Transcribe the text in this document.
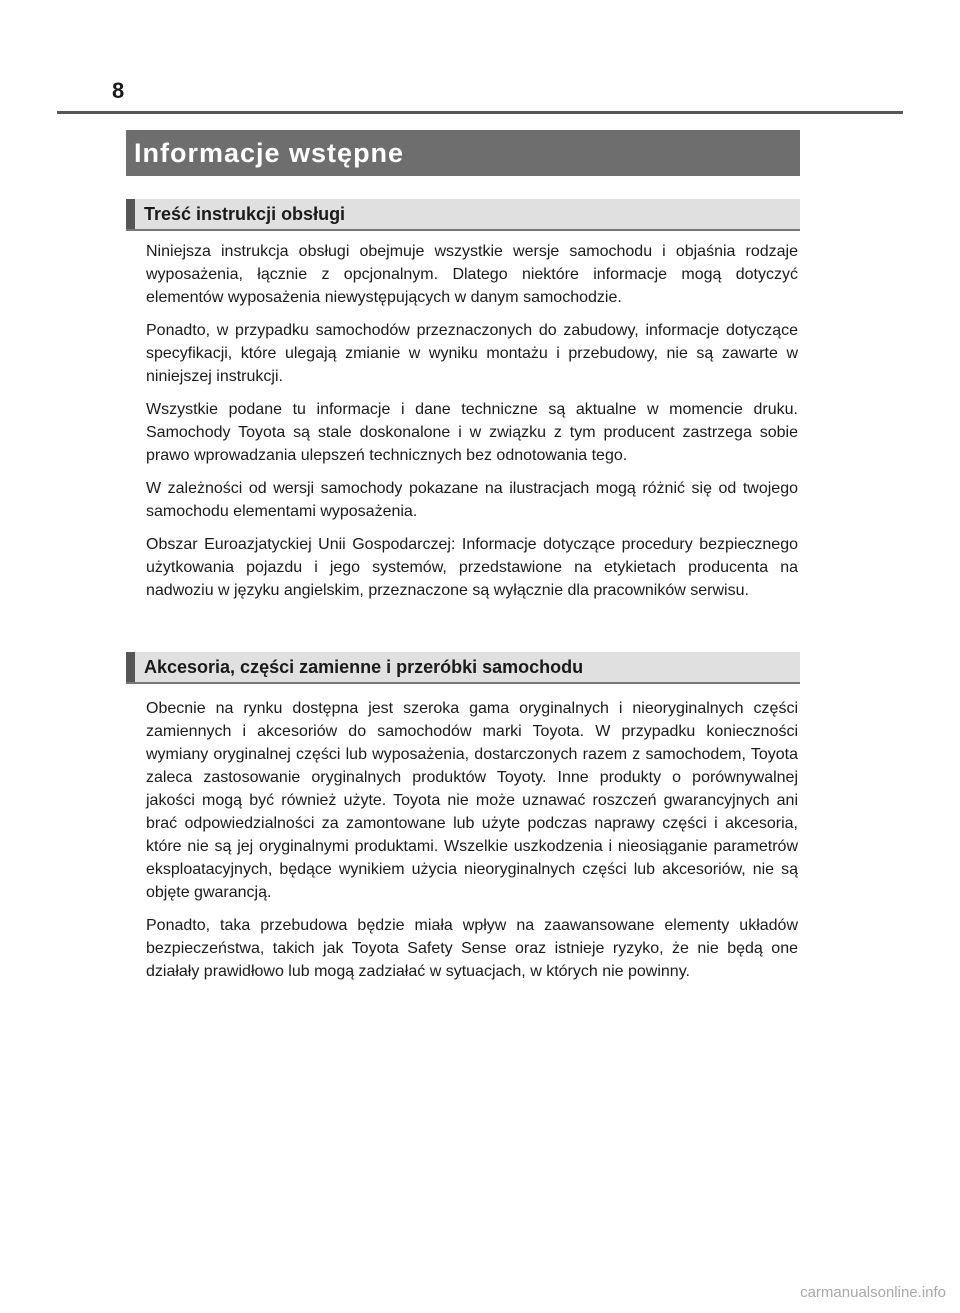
8
Informacje wstępne
Treść instrukcji obsługi

Niniejsza instrukcja obsługi obejmuje wszystkie wersje samochodu i objaśnia rodzaje wyposażenia, łącznie z opcjonalnym. Dlatego niektóre informacje mogą dotyczyć elementów wyposażenia niewystępujących w danym samochodzie.

Ponadto, w przypadku samochodów przeznaczonych do zabudowy, informacje dotyczące specyfikacji, które ulegają zmianie w wyniku montażu i przebudowy, nie są zawarte w niniejszej instrukcji.

Wszystkie podane tu informacje i dane techniczne są aktualne w momencie druku. Samochody Toyota są stale doskonalone i w związku z tym producent zastrzega sobie prawo wprowadzania ulepszeń technicznych bez odnotowania tego.

W zależności od wersji samochody pokazane na ilustracjach mogą różnić się od twojego samochodu elementami wyposażenia.

Obszar Euroazjatyckiej Unii Gospodarczej: Informacje dotyczące procedury bezpiecznego użytkowania pojazdu i jego systemów, przedstawione na etykietach producenta na nadwoziu w języku angielskim, przeznaczone są wyłącznie dla pracowników serwisu.

Akcesoria, części zamienne i przeróbki samochodu

Obecnie na rynku dostępna jest szeroka gama oryginalnych i nieoryginalnych części zamiennych i akcesoriów do samochodów marki Toyota. W przypadku konieczności wymiany oryginalnej części lub wyposażenia, dostarczonych razem z samochodem, Toyota zaleca zastosowanie oryginalnych produktów Toyoty. Inne produkty o porównywalnej jakości mogą być również użyte. Toyota nie może uznawać roszczeń gwarancyjnych ani brać odpowiedzialności za zamontowane lub użyte podczas naprawy części i akcesoria, które nie są jej oryginalnymi produktami. Wszelkie uszkodzenia i nieosiąganie parametrów eksploatacyjnych, będące wynikiem użycia nieoryginalnych części lub akcesoriów, nie są objęte gwarancją.

Ponadto, taka przebudowa będzie miała wpływ na zaawansowane elementy układów bezpieczeństwa, takich jak Toyota Safety Sense oraz istnieje ryzyko, że nie będą one działały prawidłowo lub mogą zadziałać w sytuacjach, w których nie powinny.

carmanualsonline.info
